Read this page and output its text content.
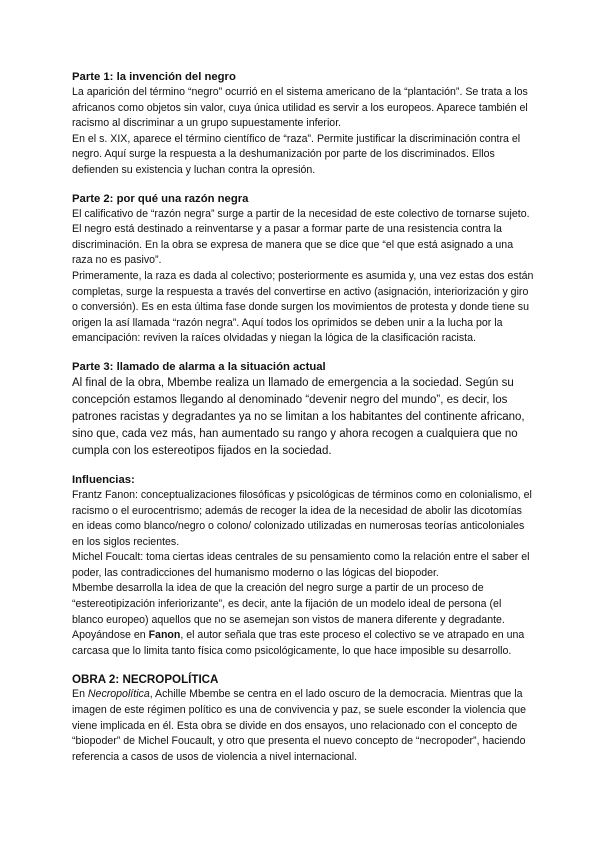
Parte 1: la invención del negro

La aparición del término “negro” ocurrió en el sistema americano de la “plantación”. Se trata a los africanos como objetos sin valor, cuya única utilidad es servir a los europeos. Aparece también el racismo al discriminar a un grupo supuestamente inferior.

En el s. XIX, aparece el término científico de “raza”. Permite justificar la discriminación contra el negro. Aquí surge la respuesta a la deshumanización por parte de los discriminados. Ellos defienden su existencia y luchan contra la opresión.

Parte 2: por qué una razón negra

El calificativo de “razón negra” surge a partir de la necesidad de este colectivo de tornarse sujeto. El negro está destinado a reinventarse y a pasar a formar parte de una resistencia contra la discriminación. En la obra se expresa de manera que se dice que “el que está asignado a una raza no es pasivo”.

Primeramente, la raza es dada al colectivo; posteriormente es asumida y, una vez estas dos están completas, surge la respuesta a través del convertirse en activo (asignación, interiorización y giro o conversión). Es en esta última fase donde surgen los movimientos de protesta y donde tiene su origen la así llamada “razón negra”. Aquí todos los oprimidos se deben unir a la lucha por la emancipación: reviven la raíces olvidadas y niegan la lógica de la clasificación racista.

Parte 3: llamado de alarma a la situación actual

Al final de la obra, Mbembe realiza un llamado de emergencia a la sociedad. Según su concepción estamos llegando al denominado “devenir negro del mundo”, es decir, los patrones racistas y degradantes ya no se limitan a los habitantes del continente africano, sino que, cada vez más, han aumentado su rango y ahora recogen a cualquiera que no cumpla con los estereotipos fijados en la sociedad.

Influencias:

Frantz Fanon: conceptualizaciones filosóficas y psicológicas de términos como en colonialismo, el racismo o el eurocentrismo; además de recoger la idea de la necesidad de abolir las dicotomías en ideas como blanco/negro o colono/ colonizado utilizadas en numerosas teorías anticoloniales en los siglos recientes.

Michel Foucalt: toma ciertas ideas centrales de su pensamiento como la relación entre el saber el poder, las contradicciones del humanismo moderno o las lógicas del biopoder.

Mbembe desarrolla la idea de que la creación del negro surge a partir de un proceso de “estereotipización inferiorizante”, es decir, ante la fijación de un modelo ideal de persona (el blanco europeo) aquellos que no se asemejan son vistos de manera diferente y degradante.

Apoyándose en Fanon, el autor señala que tras este proceso el colectivo se ve atrapado en una carcasa que lo limita tanto física como psicológicamente, lo que hace imposible su desarrollo.

OBRA 2: NECROPOLÍTICA

En Necropolítica, Achille Mbembe se centra en el lado oscuro de la democracia. Mientras que la imagen de este régimen político es una de convivencia y paz, se suele esconder la violencia que viene implicada en él. Esta obra se divide en dos ensayos, uno relacionado con el concepto de “biopoder” de Michel Foucault, y otro que presenta el nuevo concepto de “necropoder”, haciendo referencia a casos de usos de violencia a nivel internacional.
